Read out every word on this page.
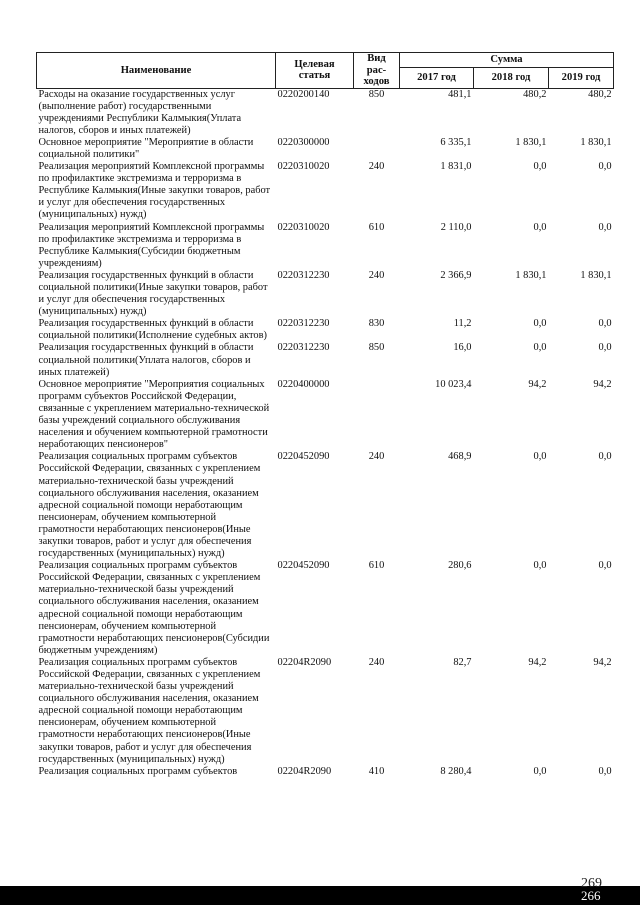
Наименование	Целевая статья	Вид рас- ходов	Сумма		
			2017 год	2018 год	2019 год
Расходы на оказание государственных услуг (выполнение работ) государственными учреждениями Республики Калмыкия(Уплата налогов, сборов и иных платежей)	0220200140	850	481,1	480,2	480,2
Основное мероприятие "Мероприятие в области социальной политики"	0220300000		6 335,1	1 830,1	1 830,1
Реализация мероприятий Комплексной программы по профилактике экстремизма и терроризма в Республике Калмыкия(Иные закупки товаров, работ и услуг для обеспечения государственных (муниципальных) нужд)	0220310020	240	1 831,0	0,0	0,0
Реализация мероприятий Комплексной программы по профилактике экстремизма и терроризма в Республике Калмыкия(Субсидии бюджетным учреждениям)	0220310020	610	2 110,0	0,0	0,0
Реализация государственных функций в области социальной политики(Иные закупки товаров, работ и услуг для обеспечения государственных (муниципальных) нужд)	0220312230	240	2 366,9	1 830,1	1 830,1
Реализация государственных функций в области социальной политики(Исполнение судебных актов)	0220312230	830	11,2	0,0	0,0
Реализация государственных функций в области социальной политики(Уплата налогов, сборов и иных платежей)	0220312230	850	16,0	0,0	0,0
Основное мероприятие "Мероприятия социальных программ субъектов Российской Федерации, связанные с укреплением материально-технической базы учреждений социального обслуживания населения и обучением компьютерной грамотности неработающих пенсионеров"	0220400000		10 023,4	94,2	94,2
Реализация социальных программ субъектов Российской Федерации, связанных с укреплением материально-технической базы учреждений социального обслуживания населения, оказанием адресной социальной помощи неработающим пенсионерам, обучением компьютерной грамотности неработающих пенсионеров(Иные закупки товаров, работ и услуг для обеспечения государственных (муниципальных) нужд)	0220452090	240	468,9	0,0	0,0
Реализация социальных программ субъектов Российской Федерации, связанных с укреплением материально-технической базы учреждений социального обслуживания населения, оказанием адресной социальной помощи неработающим пенсионерам, обучением компьютерной грамотности неработающих пенсионеров(Субсидии бюджетным учреждениям)	0220452090	610	280,6	0,0	0,0
Реализация социальных программ субъектов Российской Федерации, связанных с укреплением материально-технической базы учреждений социального обслуживания населения, оказанием адресной социальной помощи неработающим пенсионерам, обучением компьютерной грамотности неработающих пенсионеров(Иные закупки товаров, работ и услуг для обеспечения государственных (муниципальных) нужд)	02204R2090	240	82,7	94,2	94,2
Реализация социальных программ субъектов	02204R2090	410	8 280,4	0,0	0,0
269
266
